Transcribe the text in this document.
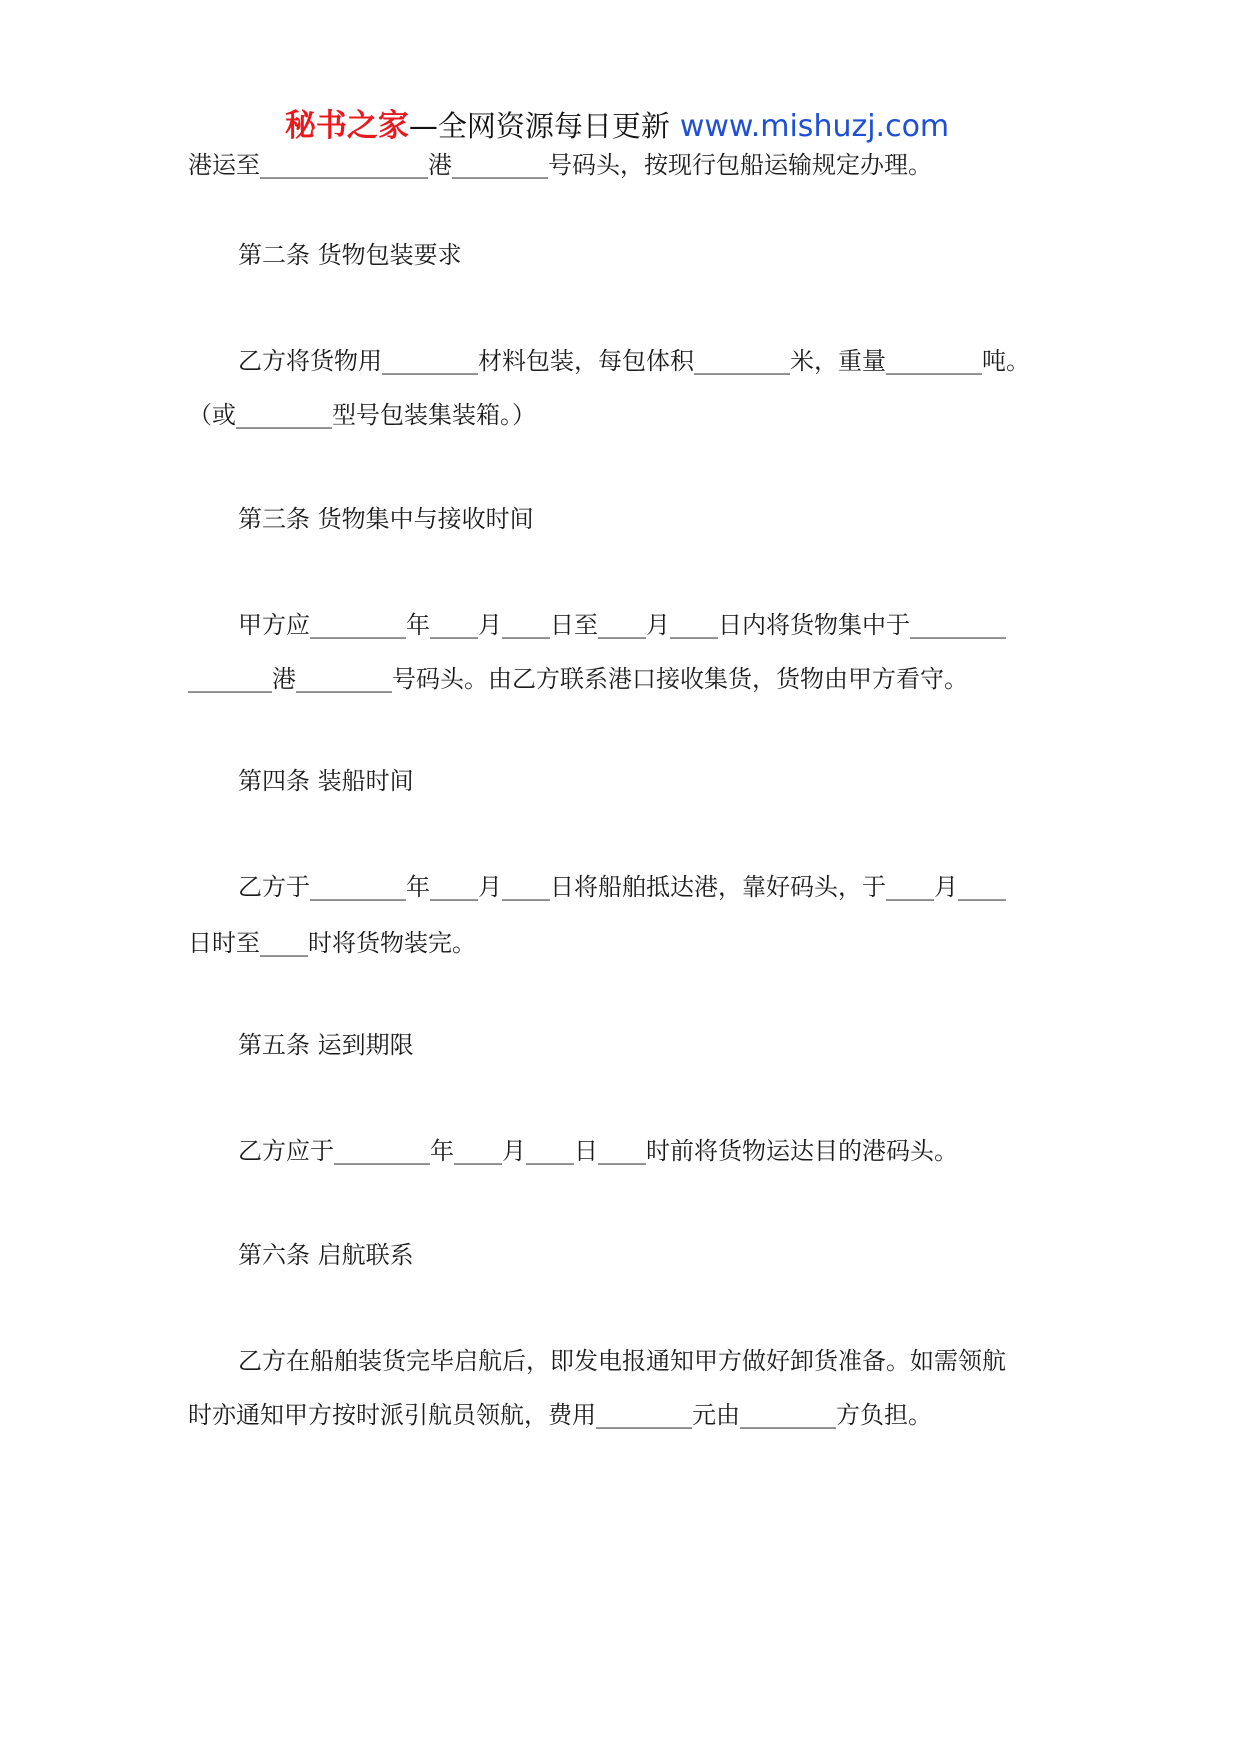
秘书之家—全网资源每日更新 www.mishuzj.com
港运至______________港________号码头，按现行包船运输规定办理。
第二条 货物包装要求
乙方将货物用________材料包装，每包体积________米，重量________吨。
（或________型号包装集装箱。）
第三条 货物集中与接收时间
甲方应________年____月____日至____月____日内将货物集中于________
_______港________号码头。由乙方联系港口接收集货，货物由甲方看守。
第四条 装船时间
乙方于________年____月____日将船舶抵达港，靠好码头，于____月____
日时至____时将货物装完。
第五条 运到期限
乙方应于________年____月____日____时前将货物运达目的港码头。
第六条 启航联系
乙方在船舶装货完毕启航后，即发电报通知甲方做好卸货准备。如需领航
时亦通知甲方按时派引航员领航，费用________元由________方负担。
